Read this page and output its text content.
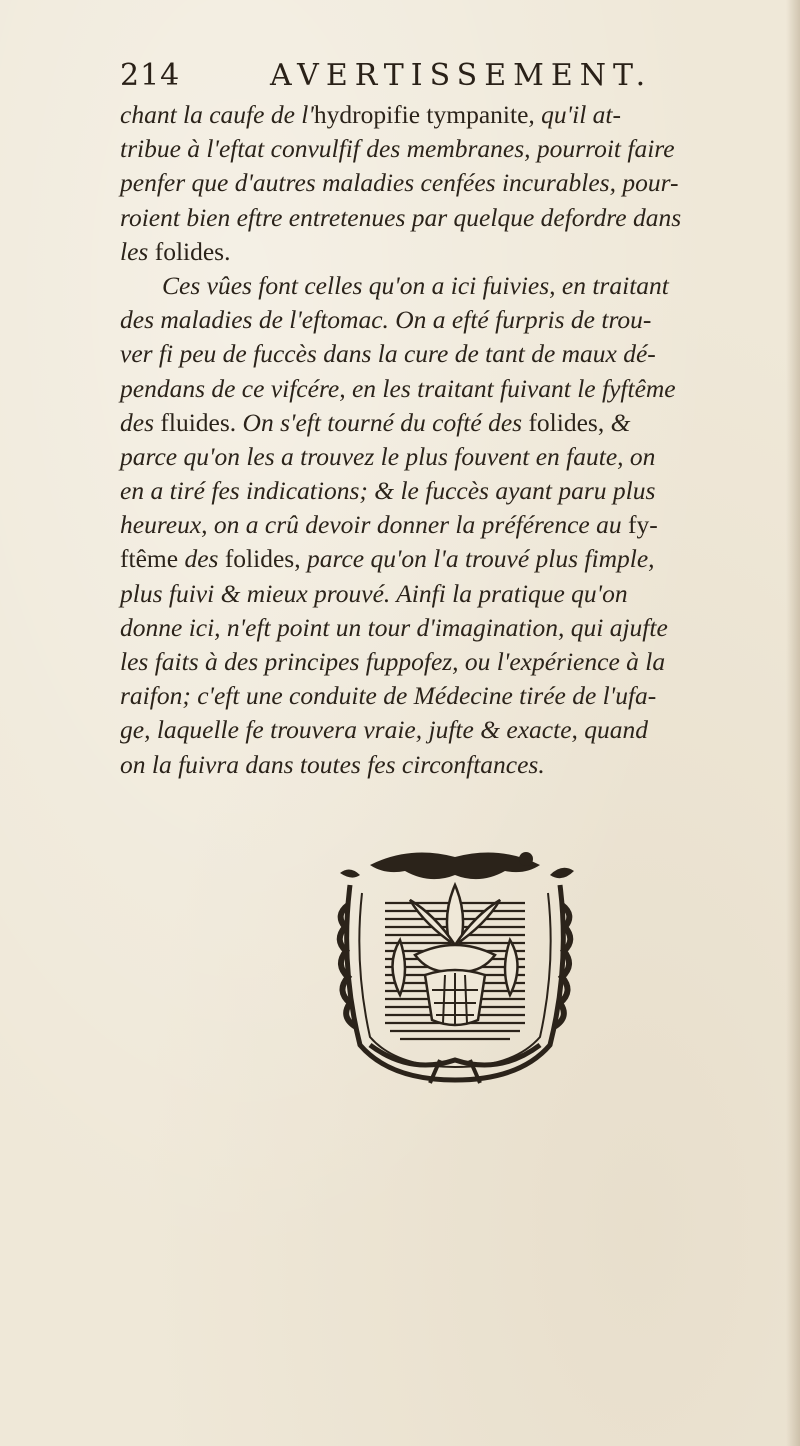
214	AVERTISSEMENT.
chant la caufe de l'hydropifie tympanite, qu'il at-
tribue à l'eftat convulfif des membranes, pourroit faire
penfer que d'autres maladies cenfées incurables, pour-
roient bien eftre entretenues par quelque defordre dans
les folides.
Ces vûes font celles qu'on a ici fuivies, en traitant
des maladies de l'eftomac. On a efté furpris de trou-
ver fi peu de fuccès dans la cure de tant de maux dé-
pendans de ce vifcére, en les traitant fuivant le fyftême
des fluides. On s'eft tourné du cofté des folides, &
parce qu'on les a trouvez le plus fouvent en faute, on
en a tiré fes indications; & le fuccès ayant paru plus
heureux, on a crû devoir donner la préférence au fy-
ftême des folides, parce qu'on l'a trouvé plus fimple,
plus fuivi & mieux prouvé. Ainfi la pratique qu'on
donne ici, n'eft point un tour d'imagination, qui ajufte
les faits à des principes fuppofez, ou l'expérience à la
raifon; c'eft une conduite de Médecine tirée de l'ufa-
ge, laquelle fe trouvera vraie, jufte & exacte, quand
on la fuivra dans toutes fes circonftances.
